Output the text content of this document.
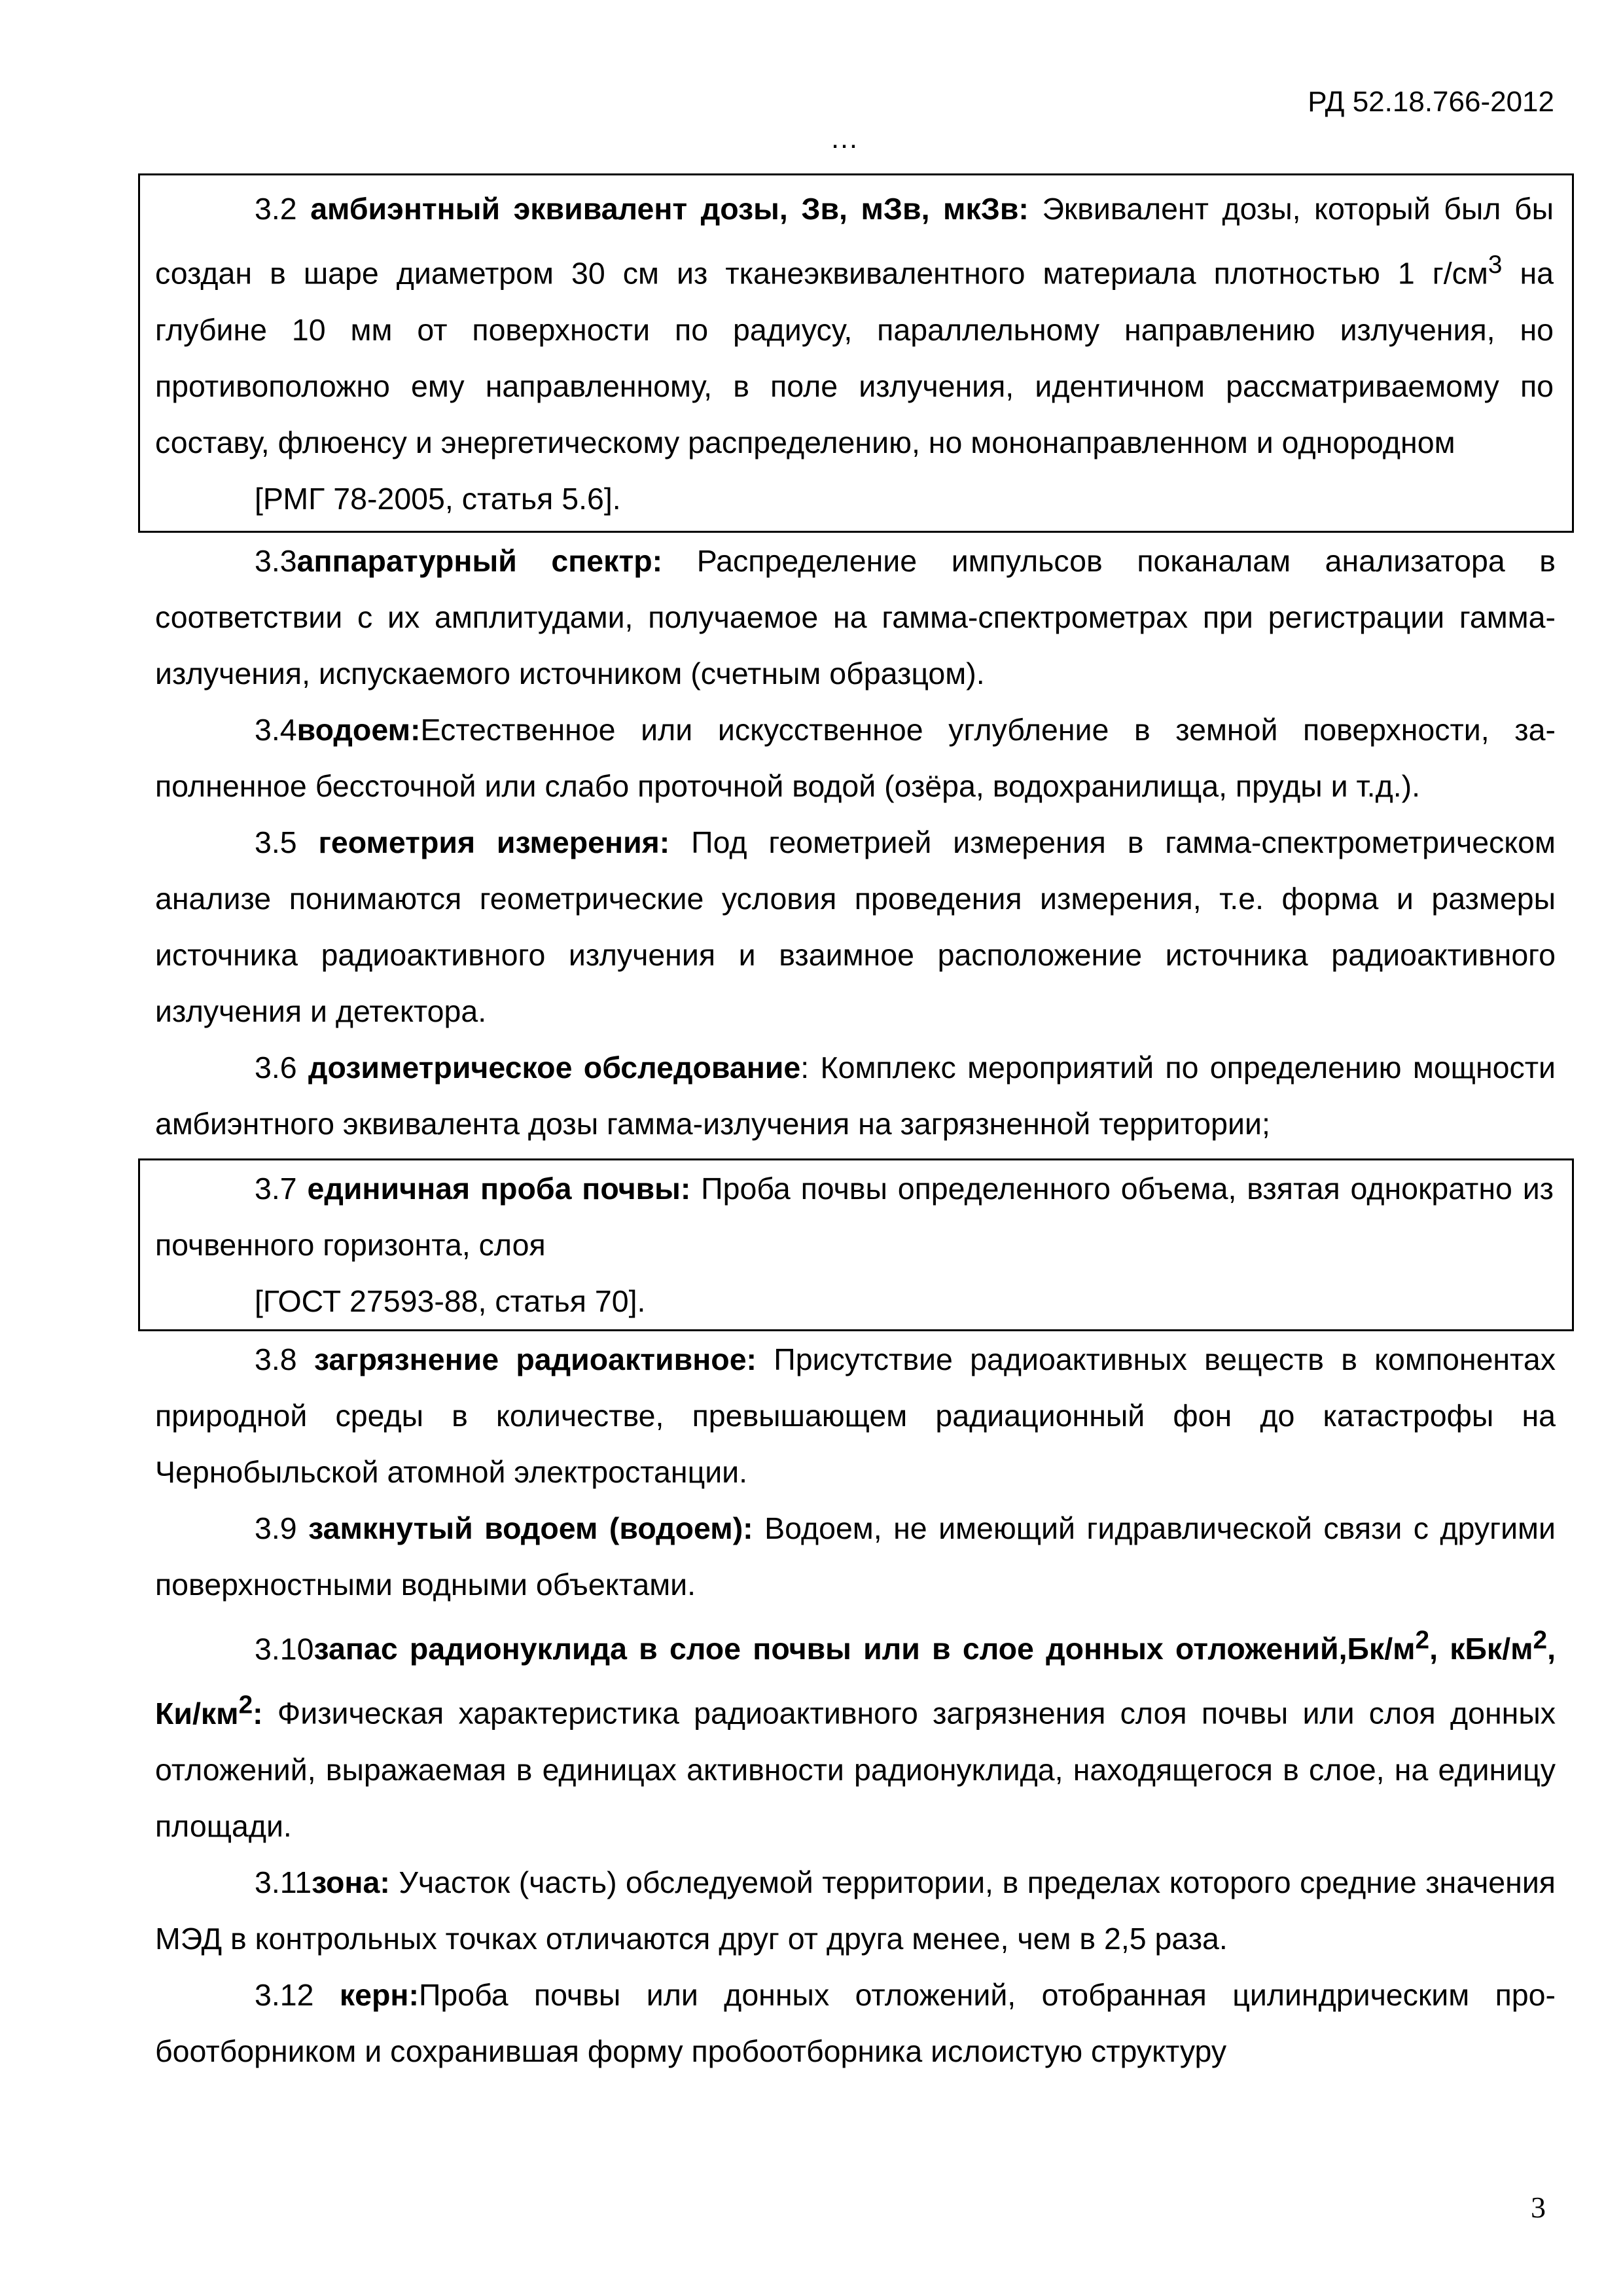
РД 52.18.766-2012
…

3.2 амбиэнтный эквивалент дозы, Зв, мЗв, мкЗв: Эквивалент дозы, который был бы создан в шаре диаметром 30 см из тканеэквивалентного материала плотностью 1 $г/см^3$ на глубине 10 мм от поверхности по радиусу, параллельному направлению излучения, но противоположно ему направленному, в поле излучения, идентичном рассматриваемому по составу, флюенсу и энергетическому распределению, но мононаправленном и однородном

[РМГ 78-2005, статья 5.6].

3.3аппаратурный спектр: Распределение импульсов поканалам анализатора в соответствии с их амплитудами, получаемое на гамма-спектрометрах при регистрации гамма-излучения, испускаемого источником (счетным образцом).

3.4водоем:Естественное или искусственное углубление в земной поверхности, заполненное бессточной или слабо проточной водой (озёра, водохранилища, пруды и т.д.).

3.5 геометрия измерения: Под геометрией измерения в гамма-спектрометрическом анализе понимаются геометрические условия проведения измерения, т.е. форма и размеры источника радиоактивного излучения и взаимное расположение источника радиоактивного излучения и детектора.

3.6 дозиметрическое обследование: Комплекс мероприятий по определению мощности амбиэнтного эквивалента дозы гамма-излучения на загрязненной территории;

3.7 единичная проба почвы: Проба почвы определенного объема, взятая однократно из почвенного горизонта, слоя

[ГОСТ 27593-88, статья 70].

3.8 загрязнение радиоактивное: Присутствие радиоактивных веществ в компонентах природной среды в количестве, превышающем радиационный фон до катастрофы на Чернобыльской атомной электростанции.

3.9 замкнутый водоем (водоем): Водоем, не имеющий гидравлической связи с другими поверхностными водными объектами.

3.10запас радионуклида в слое почвы или в слое донных $отложений,Бк/м^2$, кБк/$м^2$, $Ки/км^2$: Физическая характеристика радиоактивного загрязнения слоя почвы или слоя донных отложений, выражаемая в единицах активности радионуклида, находящегося в слое, на единицу площади.

3.11зона: Участок (часть) обследуемой территории, в пределах которого средние значения МЭД в контрольных точках отличаются друг от друга менее, чем в 2,5 раза.

3.12 керн:Проба почвы или донных отложений, отобранная цилиндрическим пробоотборником и сохранившая форму пробоотборника ислоистую структуру

3
